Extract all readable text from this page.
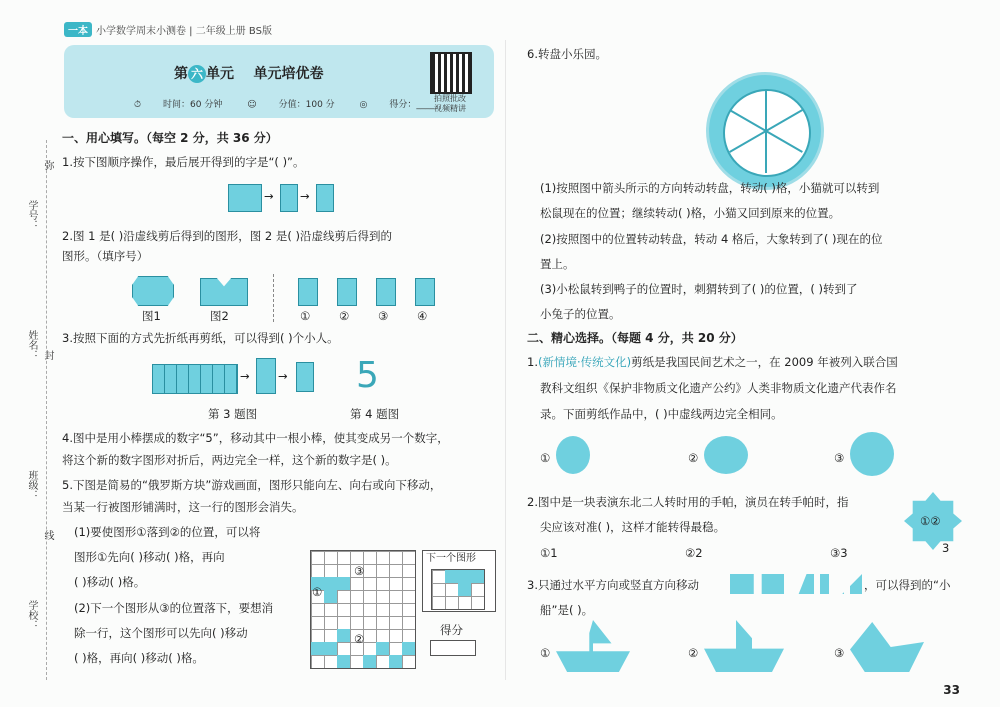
一本 小学数学周末小测卷 | 二年级上册 BS版
第 六 单元 单元培优卷
⏱ 时间：60 分钟	☺ 分值：100 分	◎ 得分：____
拍照批改
视频精讲
学号：
姓名：
班级：
学校：
弥
封
线
一、用心填写。（每空 2 分，共 36 分）
1.按下图顺序操作，最后展开得到的字是“( )”。
→ →
2.图 1 是( )沿虚线剪后得到的图形，图 2 是( )沿虚线剪后得到的
图形。（填序号）
图1	图2	① ② ③ ④
3.按照下面的方式先折纸再剪纸，可以得到( )个小人。
→ → 5
第 3 题图	第 4 题图
4.图中是用小棒摆成的数字“5”，移动其中一根小棒，使其变成另一个数字，
将这个新的数字图形对折后，两边完全一样，这个新的数字是( )。
5.下图是简易的“俄罗斯方块”游戏画面，图形只能向左、向右或向下移动，
当某一行被图形铺满时，这一行的图形会消失。
(1)要使图形①落到②的位置，可以将
图形①先向( )移动( )格，再向
( )移动( )格。
(2)下一个图形从③的位置落下，要想消
除一行，这个图形可以先向( )移动
( )格，再向( )移动( )格。
①
②
③
下一个图形
得分
6.转盘小乐园。
(1)按照图中箭头所示的方向转动转盘，转动( )格，小猫就可以转到
松鼠现在的位置；继续转动( )格，小猫又回到原来的位置。
(2)按照图中的位置转动转盘，转动 4 格后，大象转到了( )现在的位
置上。
(3)小松鼠转到鸭子的位置时，刺猬转到了( )的位置，( )转到了
小兔子的位置。
二、精心选择。（每题 4 分，共 20 分）
1.(新情境·传统文化)剪纸是我国民间艺术之一，在 2009 年被列入联合国
教科文组织《保护非物质文化遗产公约》人类非物质文化遗产代表作名
录。下面剪纸作品中，( )中虚线两边完全相同。
①	②	③
2.图中是一块表演东北二人转时用的手帕，演员在转手帕时，指
尖应该对准( )，这样才能转得最稳。
①1	②2	③3
①②
3
3.只通过水平方向或竖直方向移动	，可以得到的“小
船”是( )。
①	②	③
33
